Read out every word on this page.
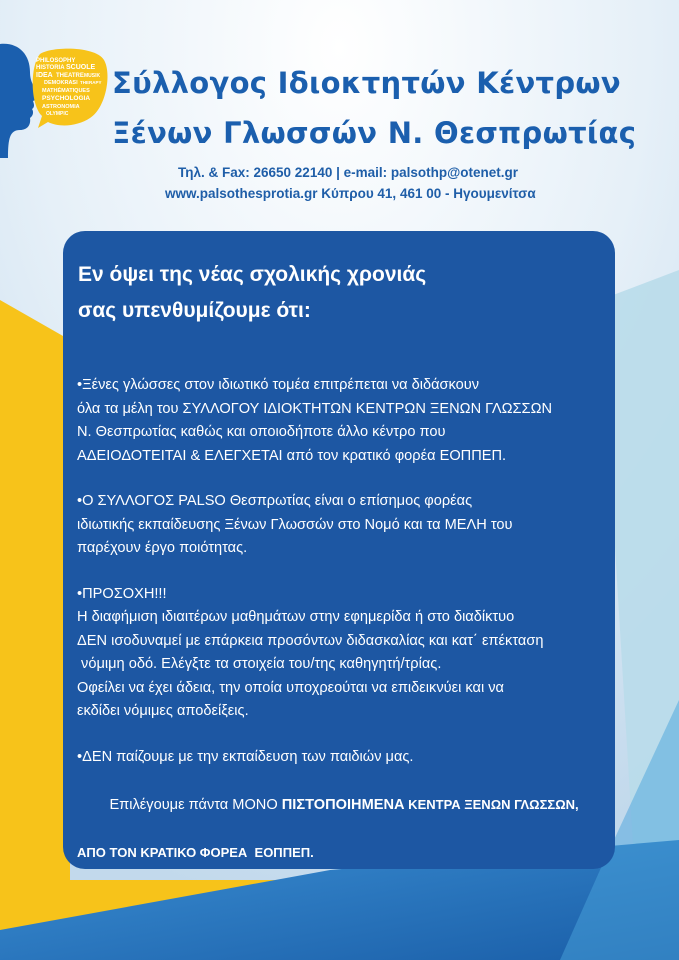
PHILOSOPHY
HISTORIA SCUOLE
IDEA THEATRE MUSIK
DEMOKRASI THERAPY
MATHÉMATIQUES
PSYCHOLOGIA
ASTRONOMIA
OLYMPIC
Σύλλογος Ιδιοκτητών Κέντρων
Ξένων Γλωσσών Ν. Θεσπρωτίας
Τηλ. & Fax: 26650 22140 | e-mail: palsothp@otenet.gr
www.palsothesprotia.gr Κύπρου 41, 461 00 - Ηγουμενίτσα
Εν όψει της νέας σχολικής χρονιάς
σας υπενθυμίζουμε ότι:

•Ξένες γλώσσες στον ιδιωτικό τομέα επιτρέπεται να διδάσκουν
όλα τα μέλη του ΣΥΛΛΟΓΟΥ ΙΔΙΟΚΤΗΤΩΝ ΚΕΝΤΡΩΝ ΞΕΝΩΝ ΓΛΩΣΣΩΝ
Ν. Θεσπρωτίας καθώς και οποιοδήποτε άλλο κέντρο που
ΑΔΕΙΟΔΟΤΕΙΤΑΙ & ΕΛΕΓΧΕΤΑΙ από τον κρατικό φορέα ΕΟΠΠΕΠ.

•Ο ΣΥΛΛΟΓΟΣ PALSO Θεσπρωτίας είναι ο επίσημος φορέας
ιδιωτικής εκπαίδευσης Ξένων Γλωσσών στο Νομό και τα ΜΕΛΗ του
παρέχουν έργο ποιότητας.

•ΠΡΟΣΟΧΗ!!!
Η διαφήμιση ιδιαιτέρων μαθημάτων στην εφημερίδα ή στο διαδίκτυο
ΔΕΝ ισοδυναμεί με επάρκεια προσόντων διδασκαλίας και κατ΄ επέκταση
νόμιμη οδό. Ελέγξτε τα στοιχεία του/της καθηγητή/τρίας.
Οφείλει να έχει άδεια, την οποία υποχρεούται να επιδεικνύει και να
εκδίδει νόμιμες αποδείξεις.

•ΔΕΝ παίζουμε με την εκπαίδευση των παιδιών μας.

Επιλέγουμε πάντα ΜΟΝΟ ΠΙΣΤΟΠΟΙΗΜΕΝΑ ΚΕΝΤΡΑ ΞΕΝΩΝ ΓΛΩΣΣΩΝ,

ΑΠΟ ΤΟΝ ΚΡΑΤΙΚΟ ΦΟΡΕΑ  ΕΟΠΠΕΠ.
